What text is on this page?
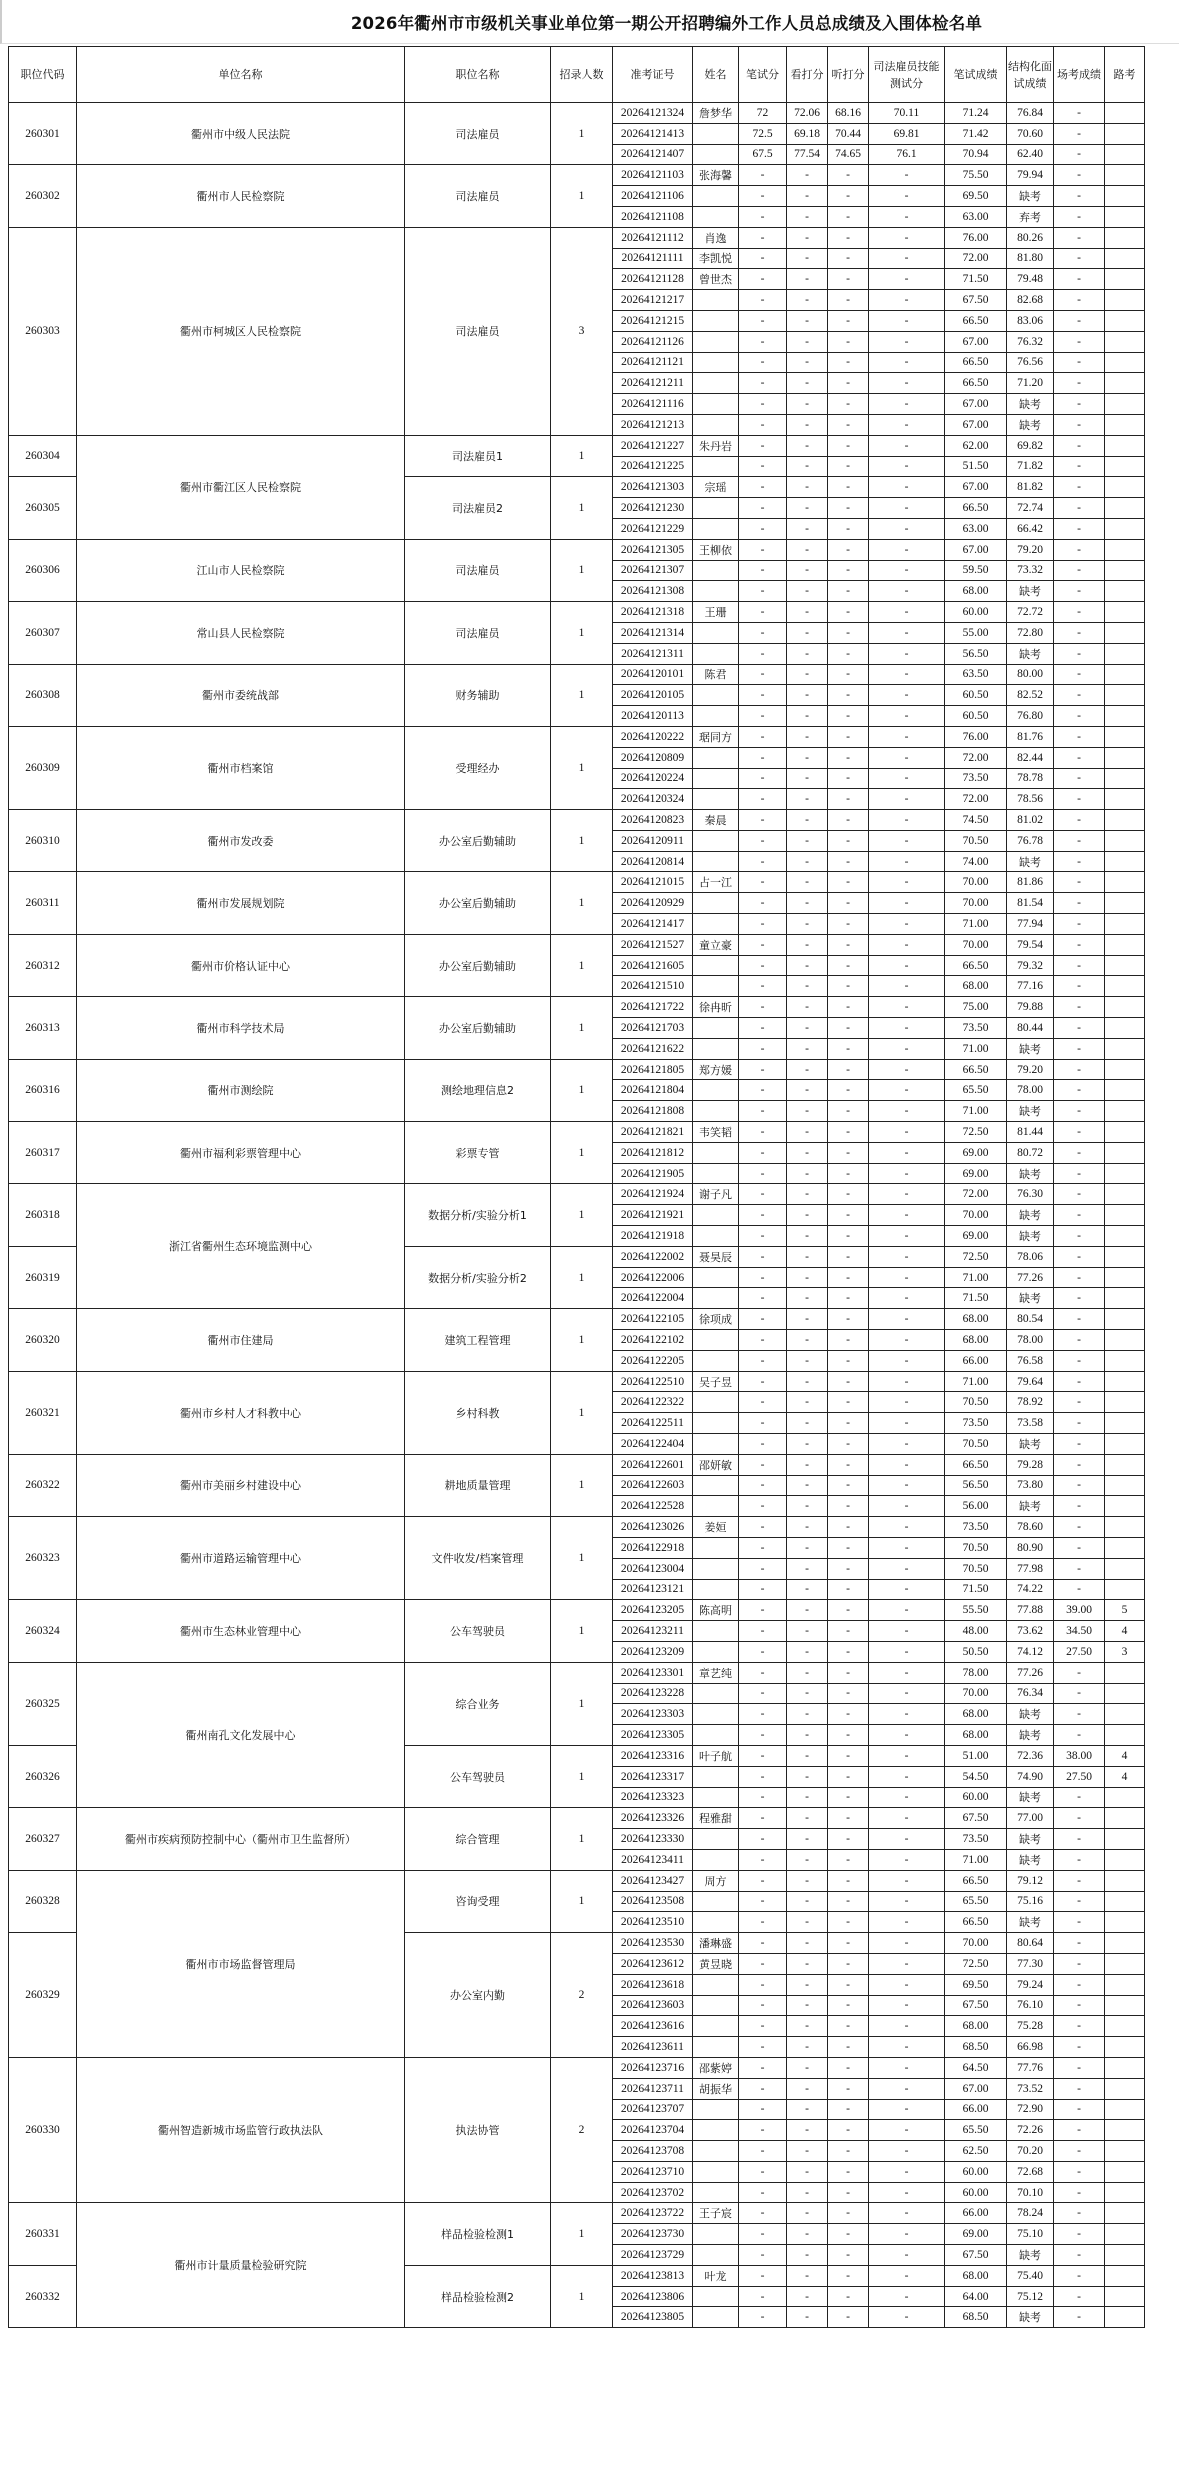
2026年衢州市市级机关事业单位第一期公开招聘编外工作人员总成绩及入围体检名单
职位代码	单位名称	职位名称	招录人数	准考证号	姓名	笔试分	看打分	听打分	司法雇员技能测试分	笔试成绩	结构化面试成绩	场考成绩	路考
260301	衢州市中级人民法院	司法雇员	1	20264121324	詹梦华	72	72.06	68.16	70.11	71.24	76.84	-	
				20264121413		72.5	69.18	70.44	69.81	71.42	70.60	-	
				20264121407		67.5	77.54	74.65	76.1	70.94	62.40	-	
260302	衢州市人民检察院	司法雇员	1	20264121103	张海馨	-	-	-	-	75.50	79.94	-	
				20264121106		-	-	-	-	69.50	缺考	-	
				20264121108		-	-	-	-	63.00	弃考	-	
260303	衢州市柯城区人民检察院	司法雇员	3	20264121112	肖逸	-	-	-	-	76.00	80.26	-	
				20264121111	李凯悦	-	-	-	-	72.00	81.80	-	
				20264121128	曾世杰	-	-	-	-	71.50	79.48	-	
				20264121217		-	-	-	-	67.50	82.68	-	
				20264121215		-	-	-	-	66.50	83.06	-	
				20264121126		-	-	-	-	67.00	76.32	-	
				20264121121		-	-	-	-	66.50	76.56	-	
				20264121211		-	-	-	-	66.50	71.20	-	
				20264121116		-	-	-	-	67.00	缺考	-	
				20264121213		-	-	-	-	67.00	缺考	-	
260304	衢州市衢江区人民检察院	司法雇员1	1	20264121227	朱丹岩	-	-	-	-	62.00	69.82	-	
				20264121225		-	-	-	-	51.50	71.82	-	
260305		司法雇员2	1	20264121303	宗瑶	-	-	-	-	67.00	81.82	-	
				20264121230		-	-	-	-	66.50	72.74	-	
				20264121229		-	-	-	-	63.00	66.42	-	
260306	江山市人民检察院	司法雇员	1	20264121305	王柳依	-	-	-	-	67.00	79.20	-	
				20264121307		-	-	-	-	59.50	73.32	-	
				20264121308		-	-	-	-	68.00	缺考	-	
260307	常山县人民检察院	司法雇员	1	20264121318	王珊	-	-	-	-	60.00	72.72	-	
				20264121314		-	-	-	-	55.00	72.80	-	
				20264121311		-	-	-	-	56.50	缺考	-	
260308	衢州市委统战部	财务辅助	1	20264120101	陈君	-	-	-	-	63.50	80.00	-	
				20264120105		-	-	-	-	60.50	82.52	-	
				20264120113		-	-	-	-	60.50	76.80	-	
260309	衢州市档案馆	受理经办	1	20264120222	琚同方	-	-	-	-	76.00	81.76	-	
				20264120809		-	-	-	-	72.00	82.44	-	
				20264120224		-	-	-	-	73.50	78.78	-	
				20264120324		-	-	-	-	72.00	78.56	-	
260310	衢州市发改委	办公室后勤辅助	1	20264120823	秦晨	-	-	-	-	74.50	81.02	-	
				20264120911		-	-	-	-	70.50	76.78	-	
				20264120814		-	-	-	-	74.00	缺考	-	
260311	衢州市发展规划院	办公室后勤辅助	1	20264121015	占一江	-	-	-	-	70.00	81.86	-	
				20264120929		-	-	-	-	70.00	81.54	-	
				20264121417		-	-	-	-	71.00	77.94	-	
260312	衢州市价格认证中心	办公室后勤辅助	1	20264121527	童立豪	-	-	-	-	70.00	79.54	-	
				20264121605		-	-	-	-	66.50	79.32	-	
				20264121510		-	-	-	-	68.00	77.16	-	
260313	衢州市科学技术局	办公室后勤辅助	1	20264121722	徐冉昕	-	-	-	-	75.00	79.88	-	
				20264121703		-	-	-	-	73.50	80.44	-	
				20264121622		-	-	-	-	71.00	缺考	-	
260316	衢州市测绘院	测绘地理信息2	1	20264121805	郑方媛	-	-	-	-	66.50	79.20	-	
				20264121804		-	-	-	-	65.50	78.00	-	
				20264121808		-	-	-	-	71.00	缺考	-	
260317	衢州市福利彩票管理中心	彩票专管	1	20264121821	韦笑韬	-	-	-	-	72.50	81.44	-	
				20264121812		-	-	-	-	69.00	80.72	-	
				20264121905		-	-	-	-	69.00	缺考	-	
260318	浙江省衢州生态环境监测中心	数据分析/实验分析1	1	20264121924	谢子凡	-	-	-	-	72.00	76.30	-	
				20264121921		-	-	-	-	70.00	缺考	-	
				20264121918		-	-	-	-	69.00	缺考	-	
260319		数据分析/实验分析2	1	20264122002	聂昊辰	-	-	-	-	72.50	78.06	-	
				20264122006		-	-	-	-	71.00	77.26	-	
				20264122004		-	-	-	-	71.50	缺考	-	
260320	衢州市住建局	建筑工程管理	1	20264122105	徐项成	-	-	-	-	68.00	80.54	-	
				20264122102		-	-	-	-	68.00	78.00	-	
				20264122205		-	-	-	-	66.00	76.58	-	
260321	衢州市乡村人才科教中心	乡村科教	1	20264122510	吴子昱	-	-	-	-	71.00	79.64	-	
				20264122322		-	-	-	-	70.50	78.92	-	
				20264122511		-	-	-	-	73.50	73.58	-	
				20264122404		-	-	-	-	70.50	缺考	-	
260322	衢州市美丽乡村建设中心	耕地质量管理	1	20264122601	邵妍敏	-	-	-	-	66.50	79.28	-	
				20264122603		-	-	-	-	56.50	73.80	-	
				20264122528		-	-	-	-	56.00	缺考	-	
260323	衢州市道路运输管理中心	文件收发/档案管理	1	20264123026	姜姮	-	-	-	-	73.50	78.60	-	
				20264122918		-	-	-	-	70.50	80.90	-	
				20264123004		-	-	-	-	70.50	77.98	-	
				20264123121		-	-	-	-	71.50	74.22	-	
260324	衢州市生态林业管理中心	公车驾驶员	1	20264123205	陈高明	-	-	-	-	55.50	77.88	39.00	5
				20264123211		-	-	-	-	48.00	73.62	34.50	4
				20264123209		-	-	-	-	50.50	74.12	27.50	3
260325	衢州南孔文化发展中心	综合业务	1	20264123301	章艺纯	-	-	-	-	78.00	77.26	-	
				20264123228		-	-	-	-	70.00	76.34	-	
				20264123303		-	-	-	-	68.00	缺考	-	
				20264123305		-	-	-	-	68.00	缺考	-	
260326		公车驾驶员	1	20264123316	叶子航	-	-	-	-	51.00	72.36	38.00	4
				20264123317		-	-	-	-	54.50	74.90	27.50	4
				20264123323		-	-	-	-	60.00	缺考	-	
260327	衢州市疾病预防控制中心（衢州市卫生监督所）	综合管理	1	20264123326	程雅甜	-	-	-	-	67.50	77.00	-	
				20264123330		-	-	-	-	73.50	缺考	-	
				20264123411		-	-	-	-	71.00	缺考	-	
260328	衢州市市场监督管理局	咨询受理	1	20264123427	周方	-	-	-	-	66.50	79.12	-	
				20264123508		-	-	-	-	65.50	75.16	-	
				20264123510		-	-	-	-	66.50	缺考	-	
260329		办公室内勤	2	20264123530	潘琳盛	-	-	-	-	70.00	80.64	-	
				20264123612	黄昱晓	-	-	-	-	72.50	77.30	-	
				20264123618		-	-	-	-	69.50	79.24	-	
				20264123603		-	-	-	-	67.50	76.10	-	
				20264123616		-	-	-	-	68.00	75.28	-	
				20264123611		-	-	-	-	68.50	66.98	-	
260330	衢州智造新城市场监管行政执法队	执法协管	2	20264123716	邵紫婷	-	-	-	-	64.50	77.76	-	
				20264123711	胡振华	-	-	-	-	67.00	73.52	-	
				20264123707		-	-	-	-	66.00	72.90	-	
				20264123704		-	-	-	-	65.50	72.26	-	
				20264123708		-	-	-	-	62.50	70.20	-	
				20264123710		-	-	-	-	60.00	72.68	-	
				20264123702		-	-	-	-	60.00	70.10	-	
260331	衢州市计量质量检验研究院	样品检验检测1	1	20264123722	王子宸	-	-	-	-	66.00	78.24	-	
				20264123730		-	-	-	-	69.00	75.10	-	
				20264123729		-	-	-	-	67.50	缺考	-	
260332		样品检验检测2	1	20264123813	叶龙	-	-	-	-	68.00	75.40	-	
				20264123806		-	-	-	-	64.00	75.12	-	
				20264123805		-	-	-	-	68.50	缺考	-	
